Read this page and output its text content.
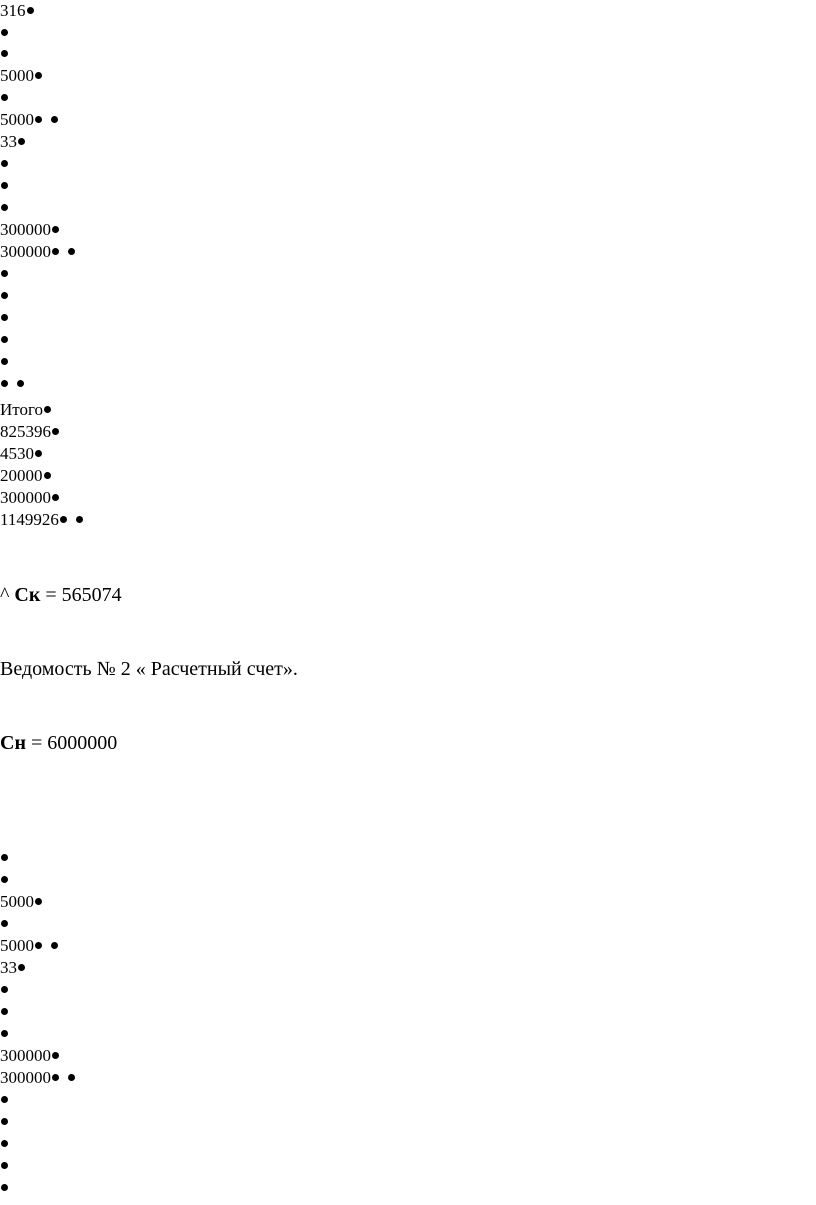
316
5000
5000
33
300000
300000
Итого
825396
4530
20000
300000
1149926
^ Ск = 565074
Ведомость № 2 « Расчетный счет».
Сн = 6000000
5000
5000
33
300000
300000
